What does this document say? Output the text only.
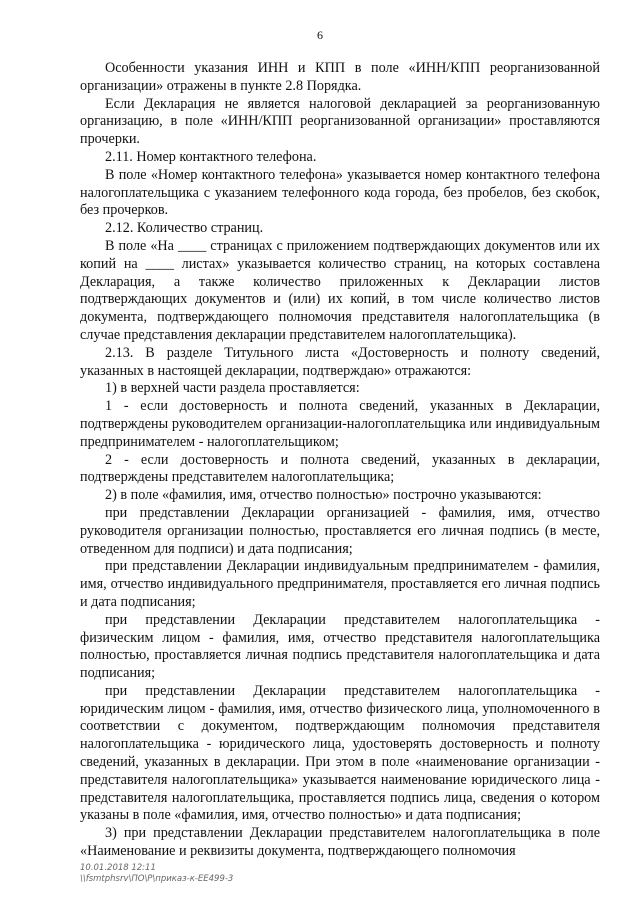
6

Особенности указания ИНН и КПП в поле «ИНН/КПП реорганизованной организации» отражены в пункте 2.8 Порядка.

Если Декларация не является налоговой декларацией за реорганизованную организацию, в поле «ИНН/КПП реорганизованной организации» проставляются прочерки.

2.11. Номер контактного телефона.

В поле «Номер контактного телефона» указывается номер контактного телефона налогоплательщика с указанием телефонного кода города, без пробелов, без скобок, без прочерков.

2.12. Количество страниц.

В поле «На ____ страницах с приложением подтверждающих документов или их копий на ____ листах» указывается количество страниц, на которых составлена Декларация, а также количество приложенных к Декларации листов подтверждающих документов и (или) их копий, в том числе количество листов документа, подтверждающего полномочия представителя налогоплательщика (в случае представления декларации представителем налогоплательщика).

2.13. В разделе Титульного листа «Достоверность и полноту сведений, указанных в настоящей декларации, подтверждаю» отражаются:

1) в верхней части раздела проставляется:

1 - если достоверность и полнота сведений, указанных в Декларации, подтверждены руководителем организации-налогоплательщика или индивидуальным предпринимателем - налогоплательщиком;

2 - если достоверность и полнота сведений, указанных в декларации, подтверждены представителем налогоплательщика;

2) в поле «фамилия, имя, отчество полностью» построчно указываются:

при представлении Декларации организацией - фамилия, имя, отчество руководителя организации полностью, проставляется его личная подпись (в месте, отведенном для подписи) и дата подписания;

при представлении Декларации индивидуальным предпринимателем - фамилия, имя, отчество индивидуального предпринимателя, проставляется его личная подпись и дата подписания;

при представлении Декларации представителем налогоплательщика - физическим лицом - фамилия, имя, отчество представителя налогоплательщика полностью, проставляется личная подпись представителя налогоплательщика и дата подписания;

при представлении Декларации представителем налогоплательщика - юридическим лицом - фамилия, имя, отчество физического лица, уполномоченного в соответствии с документом, подтверждающим полномочия представителя налогоплательщика - юридического лица, удостоверять достоверность и полноту сведений, указанных в декларации. При этом в поле «наименование организации - представителя налогоплательщика» указывается наименование юридического лица - представителя налогоплательщика, проставляется подпись лица, сведения о котором указаны в поле «фамилия, имя, отчество полностью» и дата подписания;

3) при представлении Декларации представителем налогоплательщика в поле «Наименование и реквизиты документа, подтверждающего полномочия

10.01.2018 12:11
\\fsmtphsrv\ПО\Р\приказ-к-ЕЕ499-3
